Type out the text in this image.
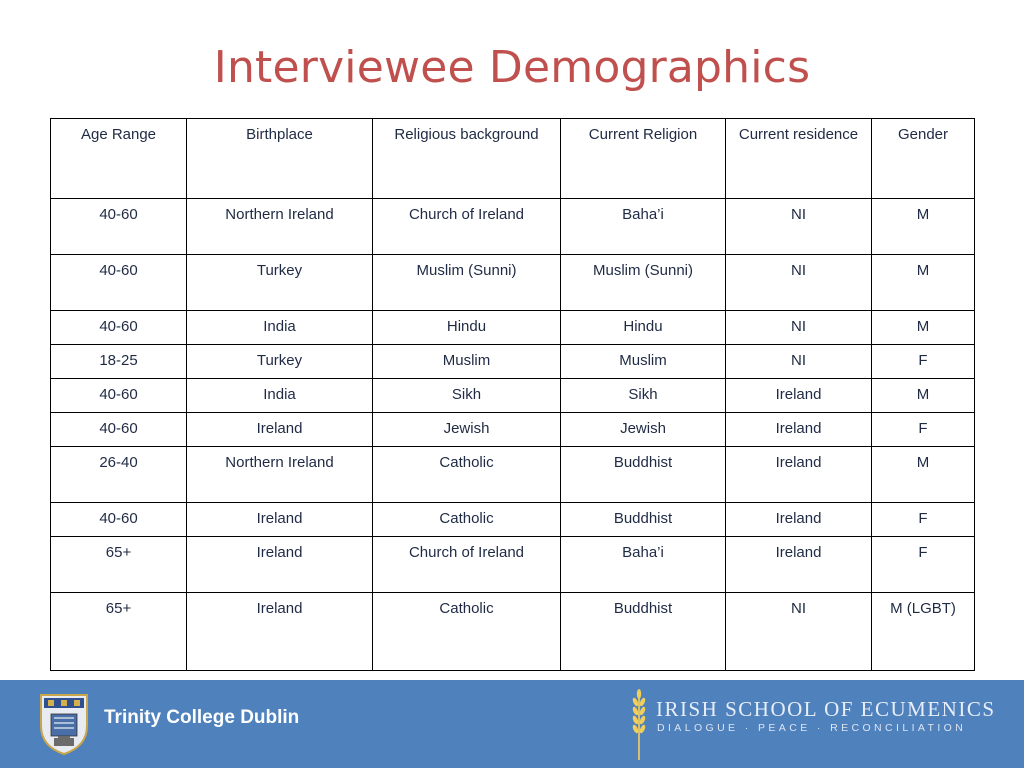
Interviewee Demographics
Age Range	Birthplace	Religious background	Current Religion	Current residence	Gender
40-60	Northern Ireland	Church of Ireland	Baha’i	NI	M
40-60	Turkey	Muslim (Sunni)	Muslim (Sunni)	NI	M
40-60	India	Hindu	Hindu	NI	M
18-25	Turkey	Muslim	Muslim	NI	F
40-60	India	Sikh	Sikh	Ireland	M
40-60	Ireland	Jewish	Jewish	Ireland	F
26-40	Northern Ireland	Catholic	Buddhist	Ireland	M
40-60	Ireland	Catholic	Buddhist	Ireland	F
65+	Ireland	Church of Ireland	Baha’i	Ireland	F
65+	Ireland	Catholic	Buddhist	NI	M (LGBT)
Trinity College Dublin	IRISH SCHOOL OF ECUMENICS
DIALOGUE · PEACE · RECONCILIATION
